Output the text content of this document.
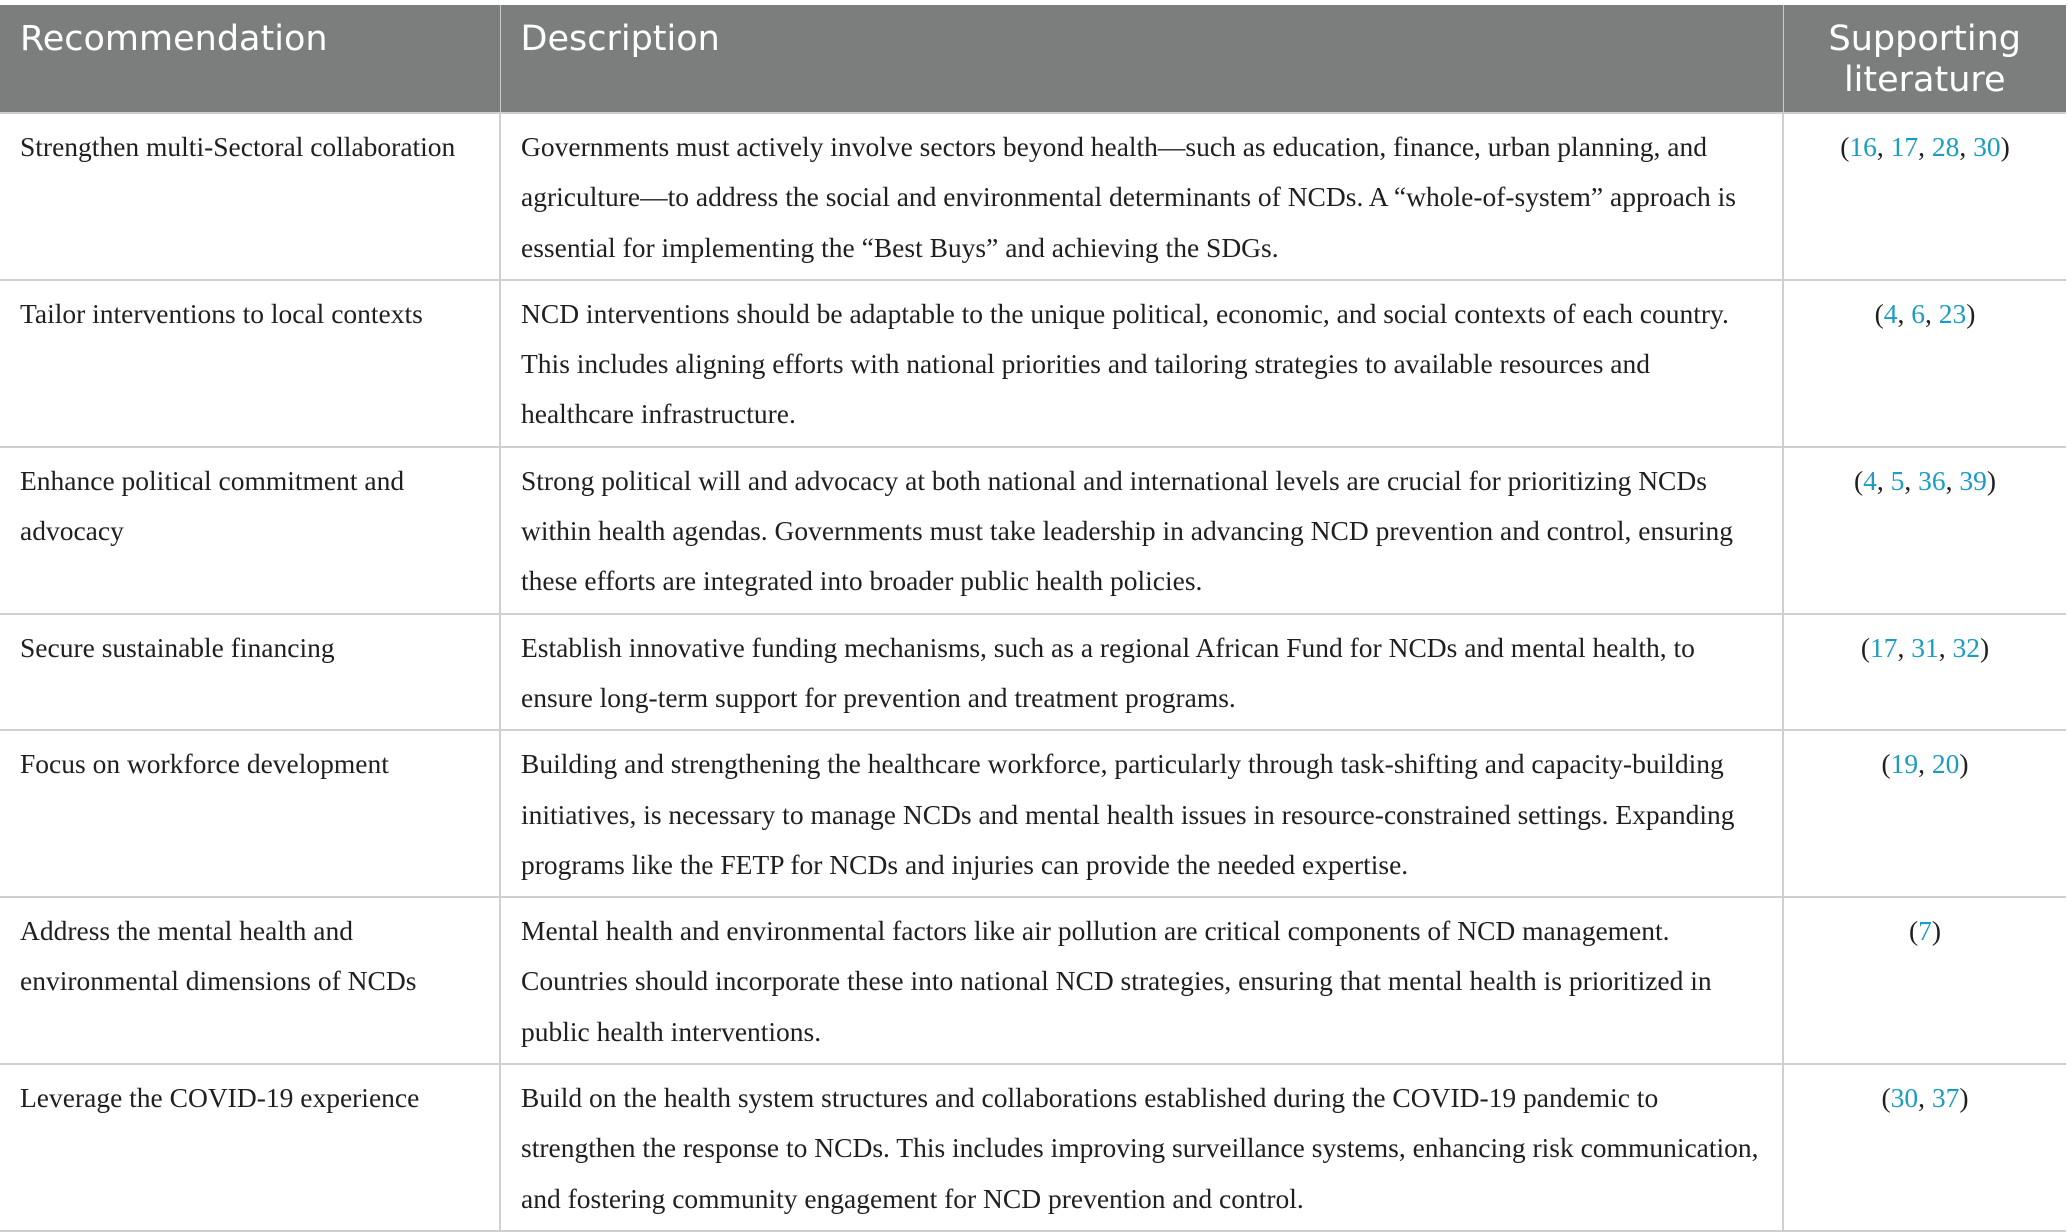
Recommendation	Description	Supporting literature
Strengthen multi-Sectoral collaboration	Governments must actively involve sectors beyond health—such as education, finance, urban planning, and agriculture—to address the social and environmental determinants of NCDs. A “whole-of-system” approach is essential for implementing the “Best Buys” and achieving the SDGs.	(16, 17, 28, 30)
Tailor interventions to local contexts	NCD interventions should be adaptable to the unique political, economic, and social contexts of each country. This includes aligning efforts with national priorities and tailoring strategies to available resources and healthcare infrastructure.	(4, 6, 23)
Enhance political commitment and advocacy	Strong political will and advocacy at both national and international levels are crucial for prioritizing NCDs within health agendas. Governments must take leadership in advancing NCD prevention and control, ensuring these efforts are integrated into broader public health policies.	(4, 5, 36, 39)
Secure sustainable financing	Establish innovative funding mechanisms, such as a regional African Fund for NCDs and mental health, to ensure long-term support for prevention and treatment programs.	(17, 31, 32)
Focus on workforce development	Building and strengthening the healthcare workforce, particularly through task-shifting and capacity-building initiatives, is necessary to manage NCDs and mental health issues in resource-constrained settings. Expanding programs like the FETP for NCDs and injuries can provide the needed expertise.	(19, 20)
Address the mental health and environmental dimensions of NCDs	Mental health and environmental factors like air pollution are critical components of NCD management. Countries should incorporate these into national NCD strategies, ensuring that mental health is prioritized in public health interventions.	(7)
Leverage the COVID-19 experience	Build on the health system structures and collaborations established during the COVID-19 pandemic to strengthen the response to NCDs. This includes improving surveillance systems, enhancing risk communication, and fostering community engagement for NCD prevention and control.	(30, 37)
